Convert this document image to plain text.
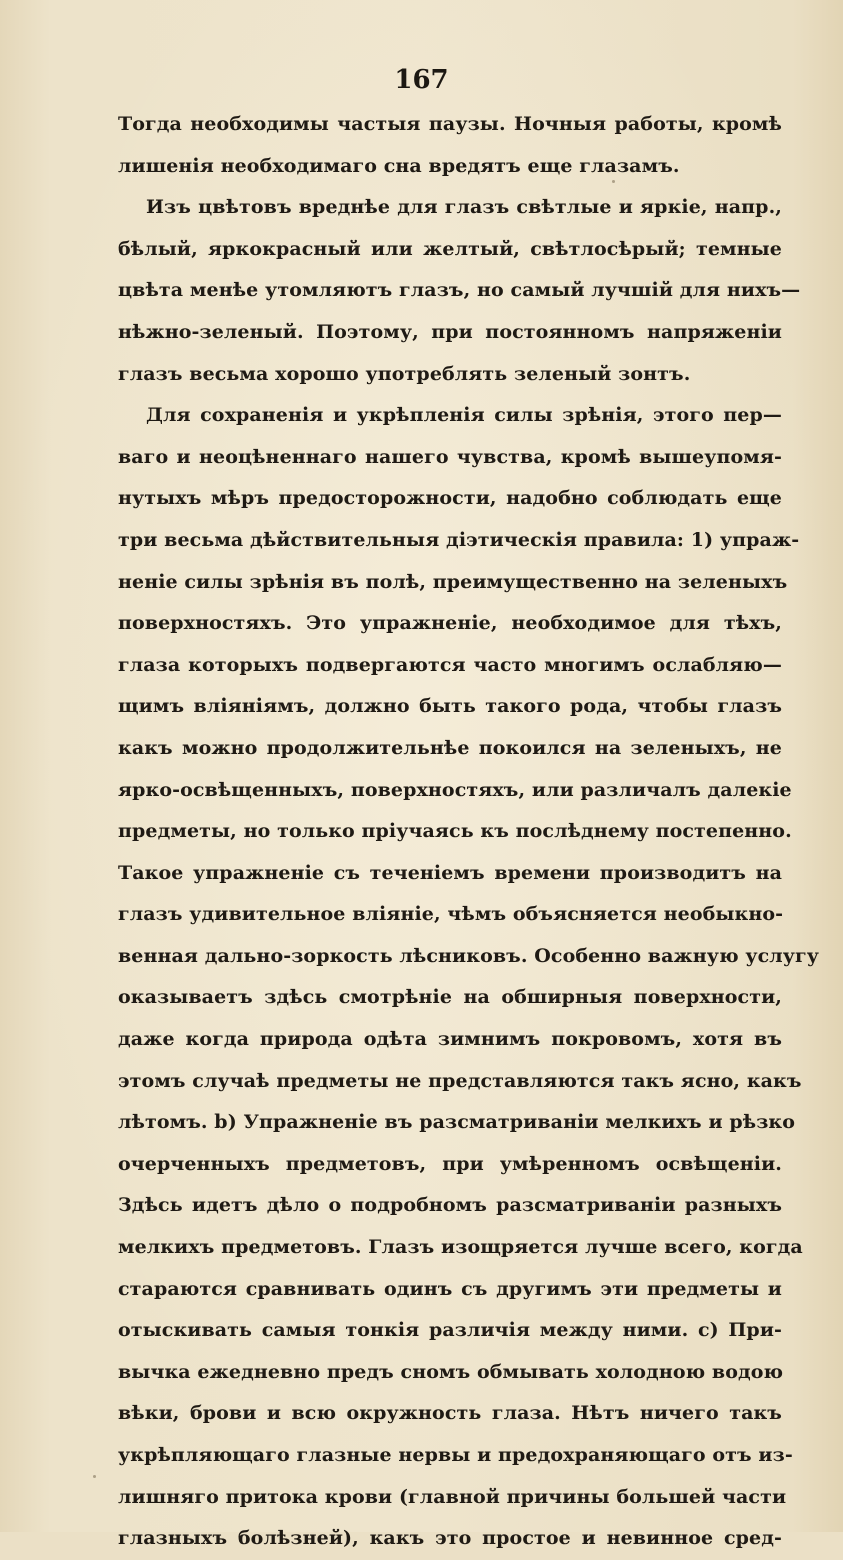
167
Тогда необходимы частыя паузы. Ночныя работы, кромѣ
лишенія необходимаго сна вредятъ еще глазамъ.
Изъ цвѣтовъ вреднѣе для глазъ свѣтлые и яркіе, напр.,
бѣлый, яркокрасный или желтый, свѣтлосѣрый; темные
цвѣта менѣе утомляютъ глазъ, но самый лучшій для нихъ—
нѣжно-зеленый. Поэтому, при постоянномъ напряженіи
глазъ весьма хорошо употреблять зеленый зонтъ.
Для сохраненія и укрѣпленія силы зрѣнія, этого пер—
ваго и неоцѣненнаго нашего чувства, кромѣ вышеупомя-
нутыхъ мѣръ предосторожности, надобно соблюдать еще
три весьма дѣйствительныя діэтическія правила: 1) упраж-
неніе силы зрѣнія въ полѣ, преимущественно на зеленыхъ
поверхностяхъ. Это упражненіе, необходимое для тѣхъ,
глаза которыхъ подвергаются часто многимъ ослабляю—
щимъ вліяніямъ, должно быть такого рода, чтобы глазъ
какъ можно продолжительнѣе покоился на зеленыхъ, не
ярко-освѣщенныхъ, поверхностяхъ, или различалъ далекіе
предметы, но только пріучаясь къ послѣднему постепенно.
Такое упражненіе съ теченіемъ времени производитъ на
глазъ удивительное вліяніе, чѣмъ объясняется необыкно-
венная дально-зоркость лѣсниковъ. Особенно важную услугу
оказываетъ здѣсь смотрѣніе на обширныя поверхности,
даже когда природа одѣта зимнимъ покровомъ, хотя въ
этомъ случаѣ предметы не представляются такъ ясно, какъ
лѣтомъ. b) Упражненіе въ разсматриваніи мелкихъ и рѣзко
очерченныхъ предметовъ, при умѣренномъ освѣщеніи.
Здѣсь идетъ дѣло о подробномъ разсматриваніи разныхъ
мелкихъ предметовъ. Глазъ изощряется лучше всего, когда
стараются сравнивать одинъ съ другимъ эти предметы и
отыскивать самыя тонкія различія между ними. c) При-
вычка ежедневно предъ сномъ обмывать холодною водою
вѣки, брови и всю окружность глаза. Нѣтъ ничего такъ
укрѣпляющаго глазные нервы и предохраняющаго отъ из-
лишняго притока крови (главной причины большей части
глазныхъ болѣзней), какъ это простое и невинное сред-
